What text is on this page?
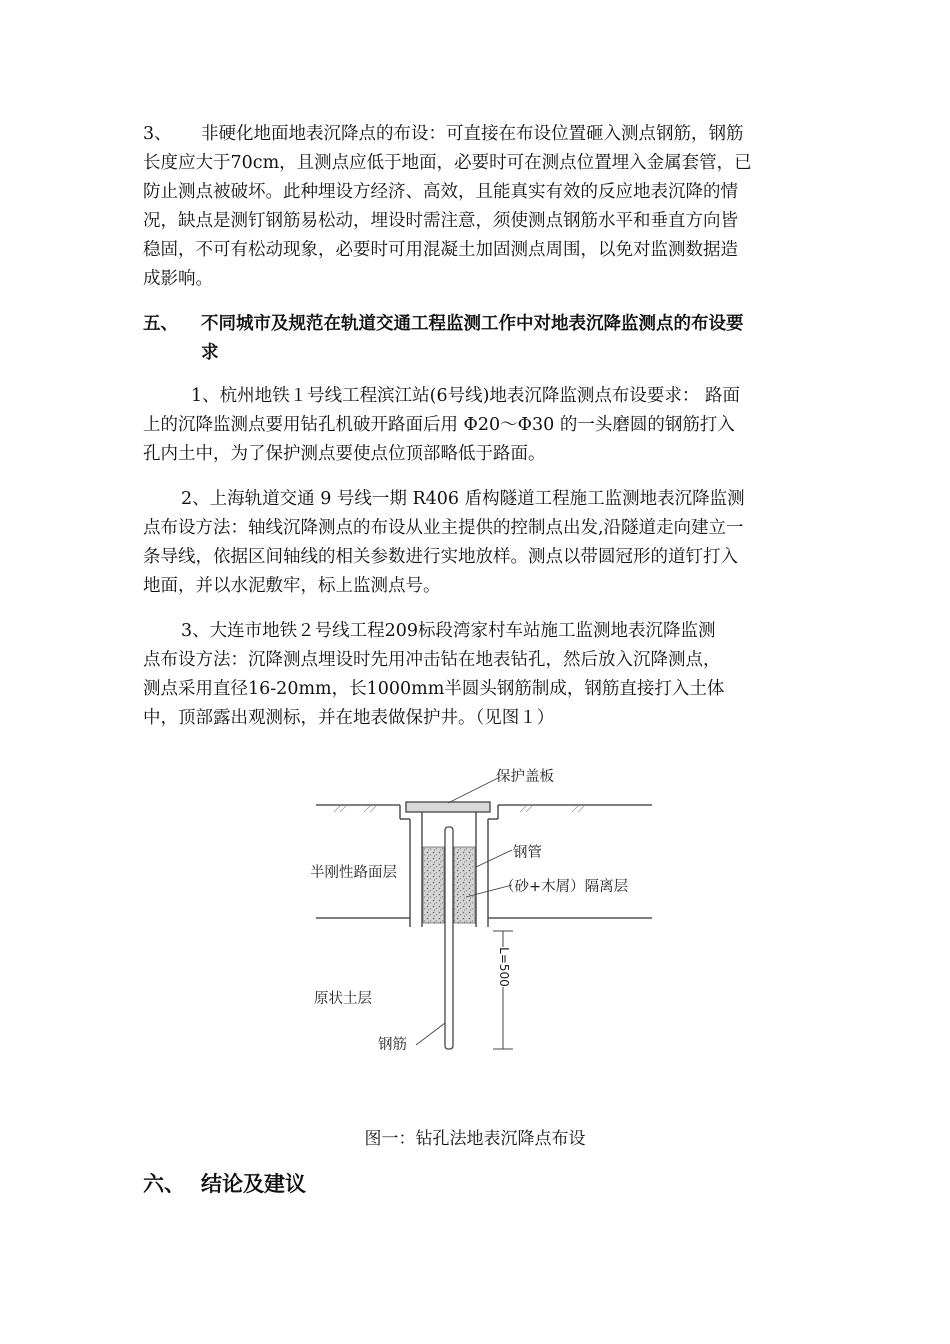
3、 非硬化地面地表沉降点的布设：可直接在布设位置砸入测点钢筋，钢筋
长度应大于70cm，且测点应低于地面，必要时可在测点位置埋入金属套管，已
防止测点被破坏。此种埋设方经济、高效，且能真实有效的反应地表沉降的情
况，缺点是测钉钢筋易松动，埋设时需注意，须使测点钢筋水平和垂直方向皆
稳固，不可有松动现象，必要时可用混凝土加固测点周围，以免对监测数据造
成影响。
五、 不同城市及规范在轨道交通工程监测工作中对地表沉降监测点的布设要
求
1、杭州地铁１号线工程滨江站(6号线)地表沉降监测点布设要求： 路面
上的沉降监测点要用钻孔机破开路面后用 Φ20～Φ30 的一头磨圆的钢筋打入
孔内土中，为了保护测点要使点位顶部略低于路面。
2、上海轨道交通 9 号线一期 R406 盾构隧道工程施工监测地表沉降监测
点布设方法：轴线沉降测点的布设从业主提供的控制点出发,沿隧道走向建立一
条导线，依据区间轴线的相关参数进行实地放样。测点以带圆冠形的道钉打入
地面，并以水泥敷牢，标上监测点号。
3、大连市地铁２号线工程209标段湾家村车站施工监测地表沉降监测
点布设方法：沉降测点埋设时先用冲击钻在地表钻孔，然后放入沉降测点，
测点采用直径16-20mm，长1000mm半圆头钢筋制成，钢筋直接打入土体
中，顶部露出观测标，并在地表做保护井。（见图１）
保护盖板
钢管
（砂+木屑）隔离层
半刚性路面层
原状土层
钢筋
L=500
图一：钻孔法地表沉降点布设
六、 结论及建议
